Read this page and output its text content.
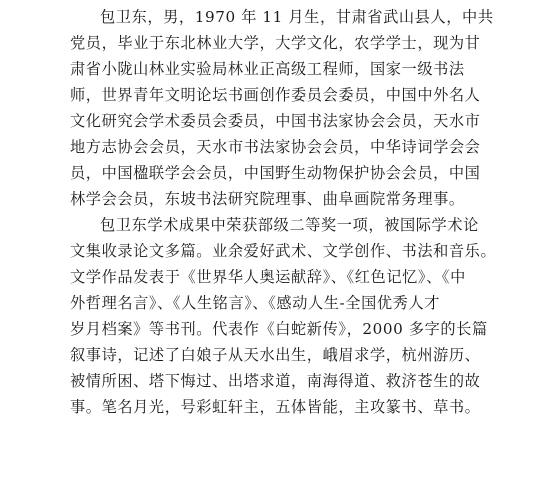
包卫东，男，1970 年 11 月生，甘肃省武山县人，中共
党员，毕业于东北林业大学，大学文化，农学学士，现为甘
肃省小陇山林业实验局林业正高级工程师，国家一级书法
师，世界青年文明论坛书画创作委员会委员，中国中外名人
文化研究会学术委员会委员，中国书法家协会会员，天水市
地方志协会会员，天水市书法家协会会员，中华诗词学会会
员，中国楹联学会会员，中国野生动物保护协会会员，中国
林学会会员，东坡书法研究院理事、曲阜画院常务理事。
包卫东学术成果中荣获部级二等奖一项，被国际学术论
文集收录论文多篇。业余爱好武术、文学创作、书法和音乐。
文学作品发表于《世界华人奥运献辞》、《红色记忆》、《中
外哲理名言》、《人生铭言》、《感动人生-全国优秀人才
岁月档案》等书刊。代表作《白蛇新传》，2000 多字的长篇
叙事诗，记述了白娘子从天水出生，峨眉求学，杭州游历、
被情所困、塔下悔过、出塔求道，南海得道、救济苍生的故
事。笔名月光，号彩虹轩主，五体皆能，主攻篆书、草书。
